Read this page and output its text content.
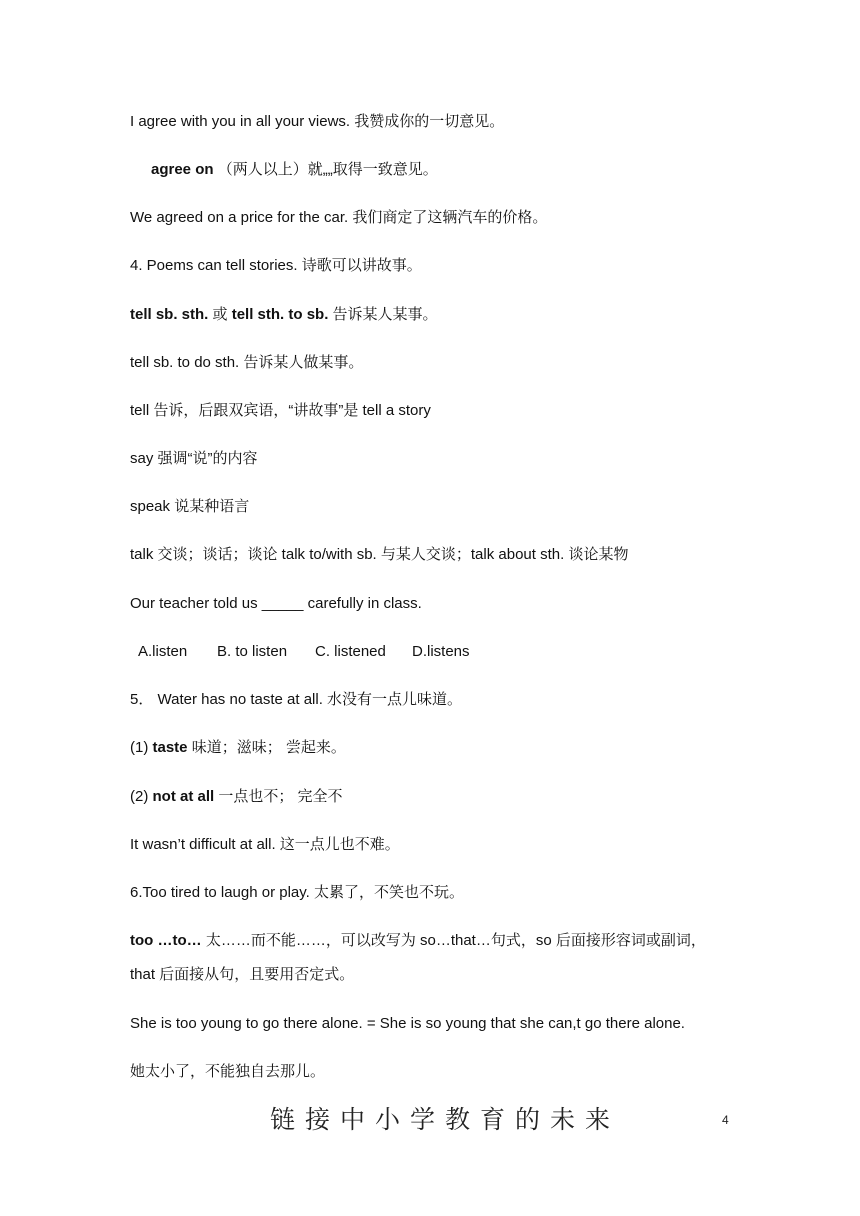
I agree with you in all your views. 我赞成你的一切意见。
agree on （两人以上）就„„取得一致意见。
We agreed on a price for the car. 我们商定了这辆汽车的价格。
4. Poems can tell stories. 诗歌可以讲故事。
tell sb. sth. 或 tell sth. to sb. 告诉某人某事。
tell sb. to do sth. 告诉某人做某事。
tell 告诉，后跟双宾语，“讲故事”是 tell a story
say 强调“说”的内容
speak 说某种语言
talk 交谈；谈话；谈论 talk to/with sb. 与某人交谈；talk about sth. 谈论某物
Our teacher told us _____ carefully in class.
A.listen B. to listen C. listened D.listens
5． Water has no taste at all. 水没有一点儿味道。
(1) taste 味道；滋味； 尝起来。
(2) not at all 一点也不； 完全不
It wasn’t difficult at all. 这一点儿也不难。
6.Too tired to laugh or play. 太累了，不笑也不玩。
too …to… 太……而不能……，可以改写为 so…that…句式，so 后面接形容词或副词，
that 后面接从句，且要用否定式。
She is too young to go there alone. = She is so young that she can,t go there alone.
她太小了，不能独自去那儿。
链接中小学教育的未来	4
